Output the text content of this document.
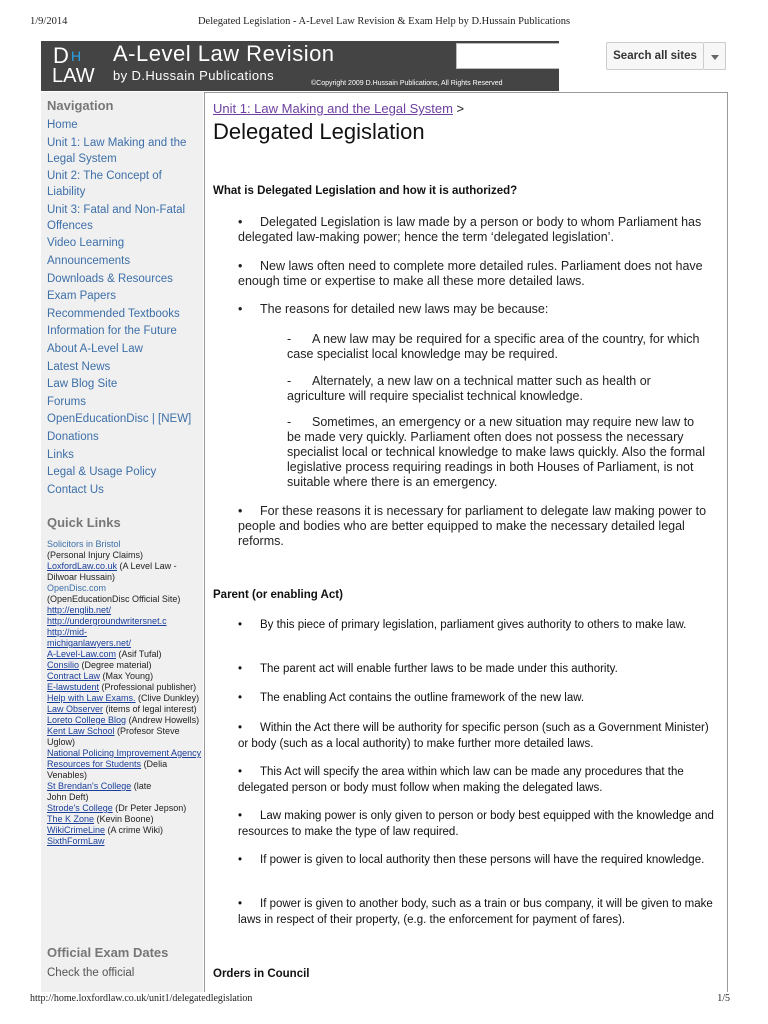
1/9/2014	Delegated Legislation - A-Level Law Revision & Exam Help by D.Hussain Publications
D H
LAW
A-Level Law Revision
by D.Hussain Publications
©Copyright 2009 D.Hussain Publications, All Rights Reserved
Search all sites
Navigation
Home
Unit 1: Law Making and the Legal System
Unit 2: The Concept of Liability
Unit 3: Fatal and Non-Fatal Offences
Video Learning
Announcements
Downloads & Resources
Exam Papers
Recommended Textbooks
Information for the Future
About A-Level Law
Latest News
Law Blog Site
Forums
OpenEducationDisc | [NEW]
Donations
Links
Legal & Usage Policy
Contact Us
Quick Links
Solicitors in Bristol
(Personal Injury Claims)
LoxfordLaw.co.uk (A Level Law - Dilwoar Hussain)
OpenDisc.com
(OpenEducationDisc Official Site)
http://englib.net/
http://undergroundwritersnet.c
http://mid-michiganlawyers.net/
A-Level-Law.com (Asif Tufal)
Consilio (Degree material)
Contract Law (Max Young)
E-lawstudent (Professional publisher)
Help with Law Exams. (Clive Dunkley)
Law Observer (items of legal interest)
Loreto College Blog (Andrew Howells)
Kent Law School (Profesor Steve Uglow)
National Policing Improvement Agency
Resources for Students (Delia Venables)
St Brendan's College (late John Deft)
Strode's College (Dr Peter Jepson)
The K Zone (Kevin Boone)
WikiCrimeLine (A crime Wiki)
SixthFormLaw
Official Exam Dates
Check the official
Unit 1: Law Making and the Legal System >
Delegated Legislation
What is Delegated Legislation and how it is authorized?

• Delegated Legislation is law made by a person or body to whom Parliament has delegated law-making power; hence the term ‘delegated legislation’.

• New laws often need to complete more detailed rules. Parliament does not have enough time or expertise to make all these more detailed laws.

• The reasons for detailed new laws may be because:

- A new law may be required for a specific area of the country, for which case specialist local knowledge may be required.

- Alternately, a new law on a technical matter such as health or agriculture will require specialist technical knowledge.

- Sometimes, an emergency or a new situation may require new law to be made very quickly. Parliament often does not possess the necessary specialist local or technical knowledge to make laws quickly. Also the formal legislative process requiring readings in both Houses of Parliament, is not suitable where there is an emergency.

• For these reasons it is necessary for parliament to delegate law making power to people and bodies who are better equipped to make the necessary detailed legal reforms.

Parent (or enabling Act)

• By this piece of primary legislation, parliament gives authority to others to make law.

• The parent act will enable further laws to be made under this authority.

• The enabling Act contains the outline framework of the new law.

• Within the Act there will be authority for specific person (such as a Government Minister) or body (such as a local authority) to make further more detailed laws.

• This Act will specify the area within which law can be made any procedures that the delegated person or body must follow when making the delegated laws.

• Law making power is only given to person or body best equipped with the knowledge and resources to make the type of law required.

• If power is given to local authority then these persons will have the required knowledge.

• If power is given to another body, such as a train or bus company, it will be given to make laws in respect of their property, (e.g. the enforcement for payment of fares).

Orders in Council
http://home.loxfordlaw.co.uk/unit1/delegatedlegislation	1/5
